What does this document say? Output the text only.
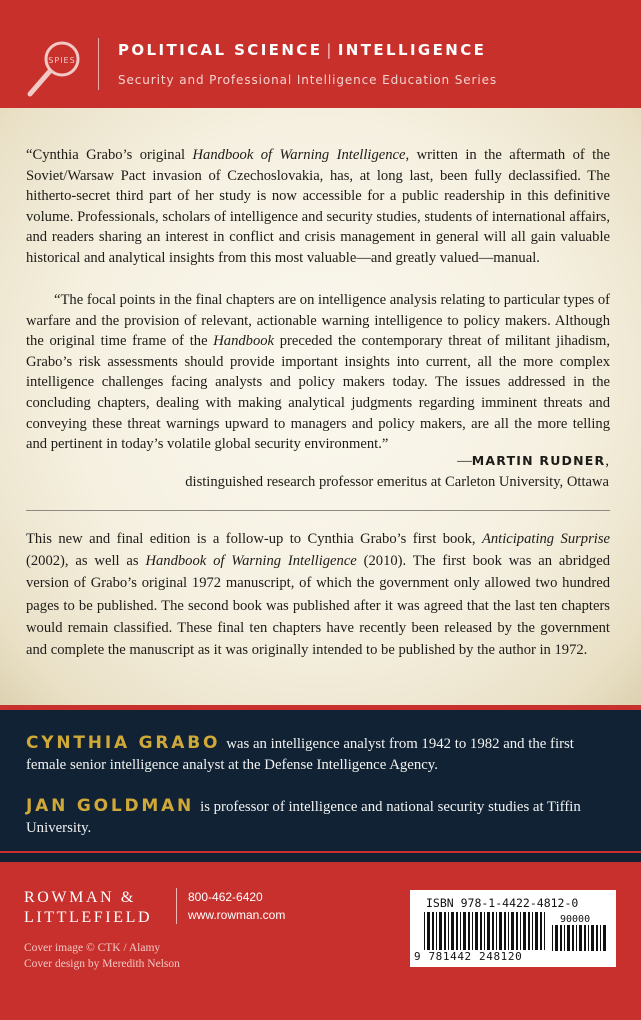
SPIES
POLITICAL SCIENCE | INTELLIGENCE
Security and Professional Intelligence Education Series

“Cynthia Grabo’s original Handbook of Warning Intelligence, written in the aftermath of the Soviet/Warsaw Pact invasion of Czechoslovakia, has, at long last, been fully declassified. The hitherto-secret third part of her study is now accessible for a public readership in this definitive volume. Professionals, scholars of intelligence and security studies, students of international affairs, and readers sharing an interest in conflict and crisis management in general will all gain valuable historical and analytical insights from this most valuable—and greatly valued—manual.

“The focal points in the final chapters are on intelligence analysis relating to particular types of warfare and the provision of relevant, actionable warning intelligence to policy makers. Although the original time frame of the Handbook preceded the contemporary threat of militant jihadism, Grabo’s risk assessments should provide important insights into current, all the more complex intelligence challenges facing analysts and policy makers today. The issues addressed in the concluding chapters, dealing with making analytical judgments regarding imminent threats and conveying these threat warnings upward to managers and policy makers, are all the more telling and pertinent in today’s volatile global security environment.”

—MARTIN RUDNER,
distinguished research professor emeritus at Carleton University, Ottawa

This new and final edition is a follow-up to Cynthia Grabo’s first book, Anticipating Surprise (2002), as well as Handbook of Warning Intelligence (2010). The first book was an abridged version of Grabo’s original 1972 manuscript, of which the government only allowed two hundred pages to be published. The second book was published after it was agreed that the last ten chapters would remain classified. These final ten chapters have recently been released by the government and complete the manuscript as it was originally intended to be published by the author in 1972.

CYNTHIA GRABO was an intelligence analyst from 1942 to 1982 and the first female senior intelligence analyst at the Defense Intelligence Agency.

JAN GOLDMAN is professor of intelligence and national security studies at Tiffin University.

ROWMAN &
LITTLEFIELD
800-462-6420
www.rowman.com
Cover image © CTK / Alamy
Cover design by Meredith Nelson
ISBN 978-1-4422-4812-0
90000
9 781442 248120
